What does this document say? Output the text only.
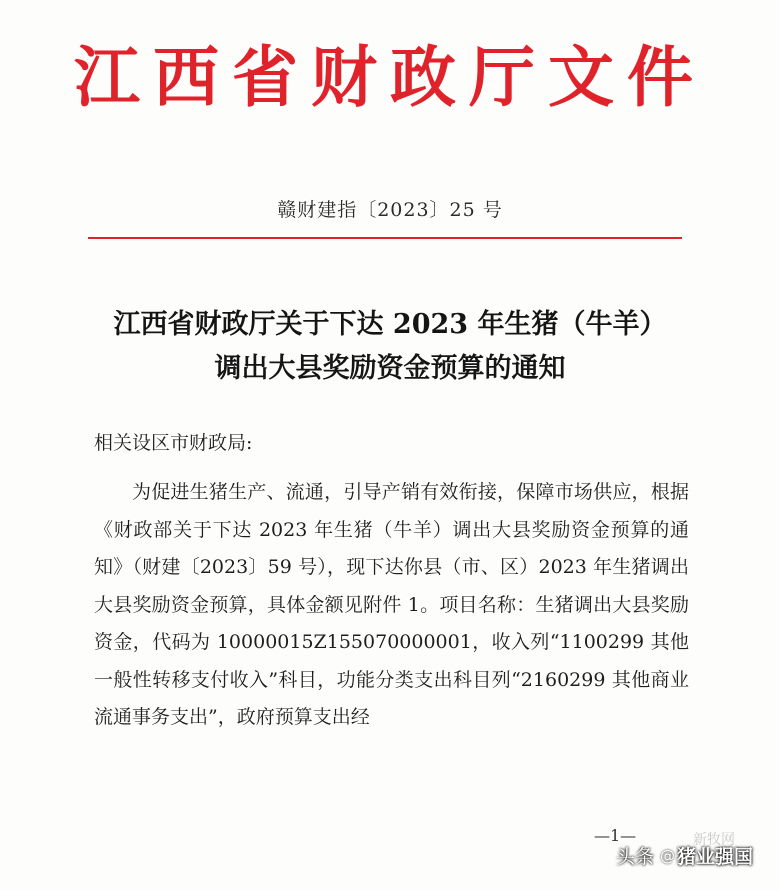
江西省财政厅文件
赣财建指〔2023〕25 号
江西省财政厅关于下达 2023 年生猪（牛羊）
调出大县奖励资金预算的通知
相关设区市财政局:

为促进生猪生产、流通，引导产销有效衔接，保障市场供应，根据《财政部关于下达 2023 年生猪（牛羊）调出大县奖励资金预算的通知》（财建〔2023〕59 号），现下达你县（市、区）2023 年生猪调出大县奖励资金预算，具体金额见附件 1。项目名称：生猪调出大县奖励资金，代码为 10000015Z155070000001，收入列“1100299 其他一般性转移支付收入”科目，功能分类支出科目列“2160299 其他商业流通事务支出”，政府预算支出经

新牧网
—1—
头条 @ 猪业强国
